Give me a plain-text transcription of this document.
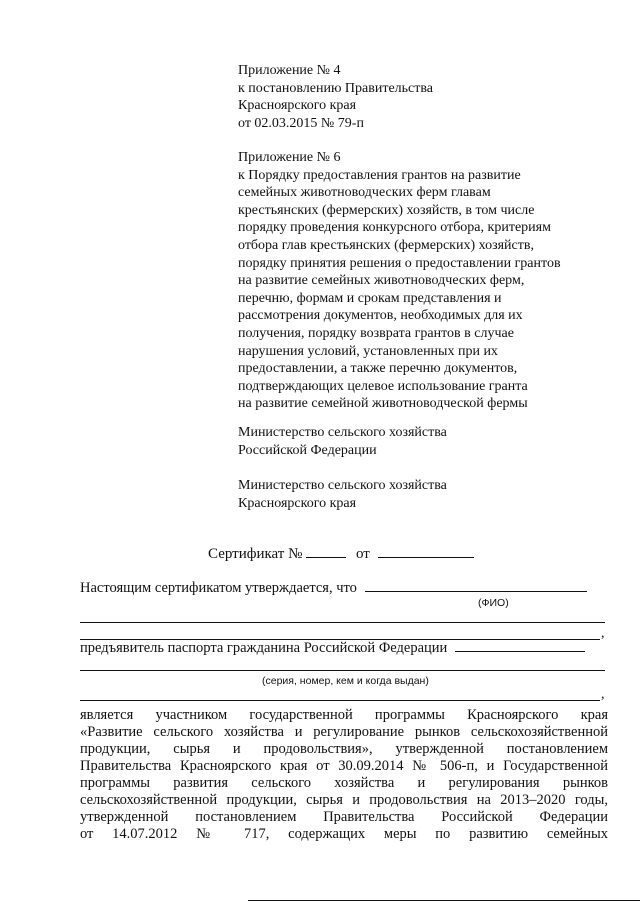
Приложение № 4
к постановлению Правительства
Красноярского края
от 02.03.2015 № 79-п
Приложение № 6
к Порядку предоставления грантов на развитие
семейных животноводческих ферм главам
крестьянских (фермерских) хозяйств, в том числе
порядку проведения конкурсного отбора, критериям
отбора глав крестьянских (фермерских) хозяйств,
порядку принятия решения о предоставлении грантов
на развитие семейных животноводческих ферм,
перечню, формам и срокам представления и
рассмотрения документов, необходимых для их
получения, порядку возврата грантов в случае
нарушения условий, установленных при их
предоставлении, а также перечню документов,
подтверждающих целевое использование гранта
на развитие семейной животноводческой фермы
Министерство сельского хозяйства
Российской Федерации
Министерство сельского хозяйства
Красноярского края
Сертификат №	от
Настоящим сертификатом утверждается, что
(ФИО)
,
предъявитель паспорта гражданина Российской Федерации
(серия, номер, кем и когда выдан)
,
является участником государственной программы Красноярского края
«Развитие сельского хозяйства и регулирование рынков сельскохозяйственной
продукции, сырья и продовольствия», утвержденной постановлением
Правительства Красноярского края от 30.09.2014 № 506-п, и Государственной
программы развития сельского хозяйства и регулирования рынков
сельскохозяйственной продукции, сырья и продовольствия на 2013–2020 годы,
утвержденной постановлением Правительства Российской Федерации
от 14.07.2012 № 717, содержащих меры по развитию семейных
